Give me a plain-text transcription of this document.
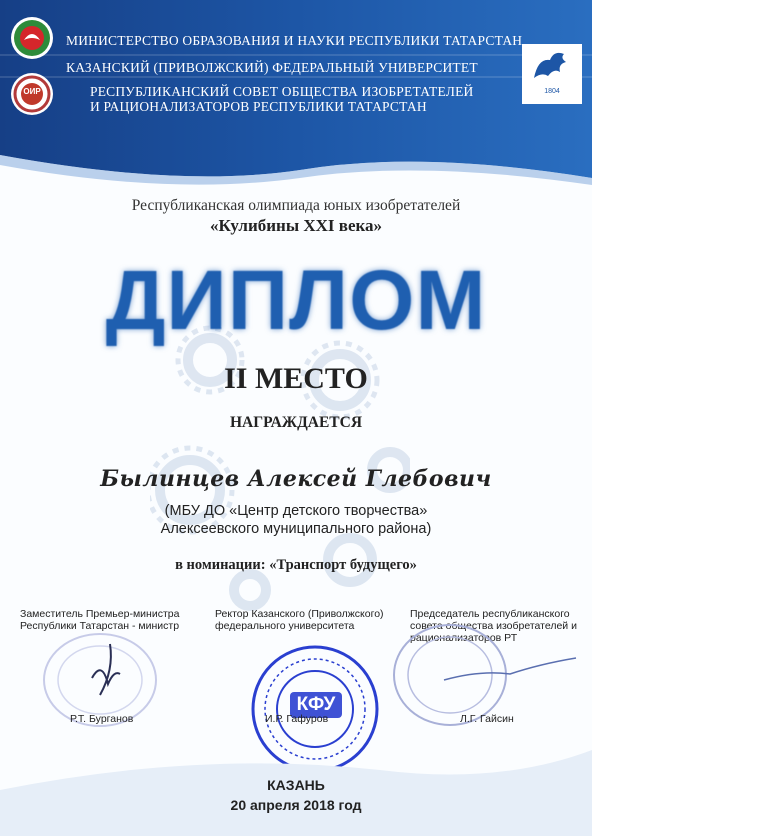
ОИР	1804
МИНИСТЕРСТВО ОБРАЗОВАНИЯ И НАУКИ РЕСПУБЛИКИ ТАТАРСТАН
КАЗАНСКИЙ (ПРИВОЛЖСКИЙ) ФЕДЕРАЛЬНЫЙ УНИВЕРСИТЕТ
РЕСПУБЛИКАНСКИЙ СОВЕТ ОБЩЕСТВА ИЗОБРЕТАТЕЛЕЙ
И РАЦИОНАЛИЗАТОРОВ РЕСПУБЛИКИ ТАТАРСТАН
Республиканская олимпиада юных изобретателей
«Кулибины XXI века»
ДИПЛОМ
II МЕСТО
НАГРАЖДАЕТСЯ
Былинцев Алексей Глебович
(МБУ ДО «Центр детского творчества»
Алексеевского муниципального района)
в номинации: «Транспорт будущего»
Заместитель Премьер-министра
Республики Татарстан - министр
Ректор Казанского (Приволжского)
федерального университета
Председатель республиканского
совета общества изобретателей и
рационализаторов РТ
КФУ
Р.Т. Бурганов	И.Р. Гафуров	Л.Г. Гайсин
КАЗАНЬ
20 апреля 2018 год
